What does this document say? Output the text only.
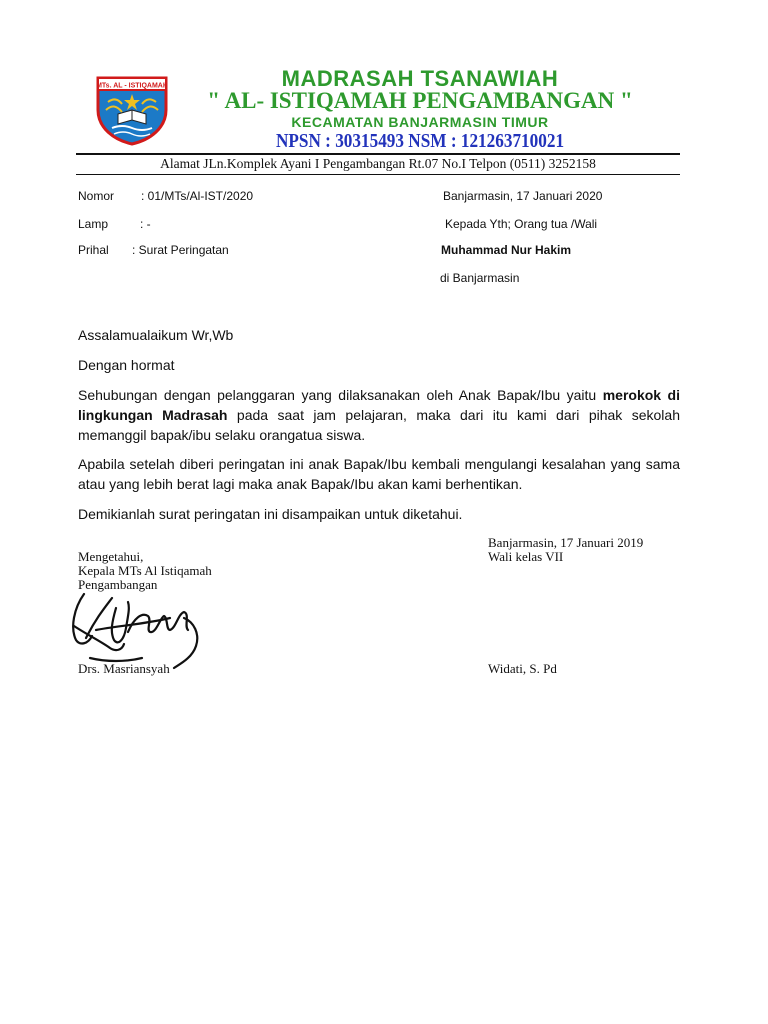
MTs. AL - ISTIQAMAH	MADRASAH TSANAWIAH
" AL- ISTIQAMAH PENGAMBANGAN "
KECAMATAN BANJARMASIN TIMUR
NPSN : 30315493 NSM : 121263710021
Alamat JLn.Komplek Ayani I Pengambangan Rt.07 No.I Telpon (0511) 3252158
Nomor : 01/MTs/Al-IST/2020
Lamp	: -
Prihal : Surat Peringatan
Banjarmasin, 17 Januari 2020
Kepada Yth; Orang tua /Wali
Muhammad Nur Hakim
di Banjarmasin
Assalamualaikum Wr,Wb
Dengan hormat
Sehubungan dengan pelanggaran yang dilaksanakan oleh Anak Bapak/Ibu yaitu merokok di lingkungan Madrasah pada saat jam pelajaran, maka dari itu kami dari pihak sekolah memanggil bapak/ibu selaku orangatua siswa.
Apabila setelah diberi peringatan ini anak Bapak/Ibu kembali mengulangi kesalahan yang sama atau yang lebih berat lagi maka anak Bapak/Ibu akan kami berhentikan.
Demikianlah surat peringatan ini disampaikan untuk diketahui.
Banjarmasin, 17 Januari 2019
Wali kelas VII
Mengetahui,
Kepala MTs Al Istiqamah
Pengambangan
Drs. Masriansyah	Widati, S. Pd
